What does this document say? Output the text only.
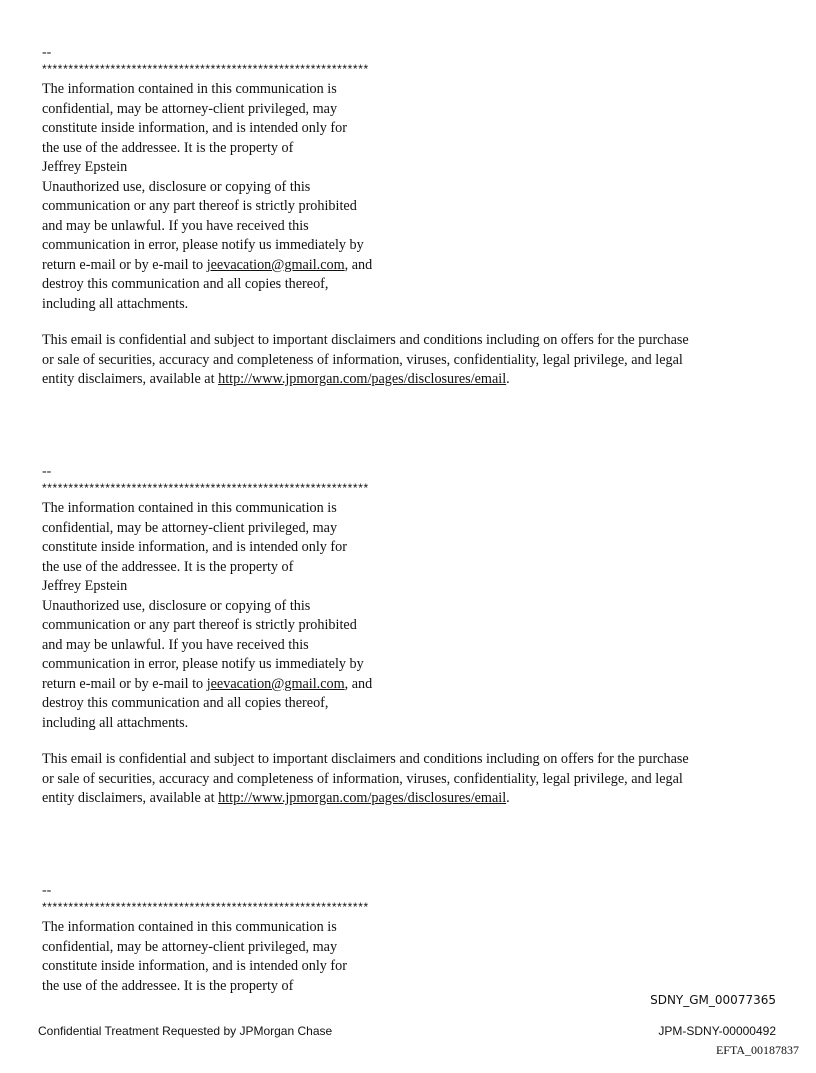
--

**************************************************************

The information contained in this communication is

confidential, may be attorney-client privileged, may

constitute inside information, and is intended only for

the use of the addressee. It is the property of

Jeffrey Epstein

Unauthorized use, disclosure or copying of this

communication or any part thereof is strictly prohibited

and may be unlawful. If you have received this

communication in error, please notify us immediately by

return e-mail or by e-mail to jeevacation@gmail.com, and

destroy this communication and all copies thereof,

including all attachments.

This email is confidential and subject to important disclaimers and conditions including on offers for the purchase

or sale of securities, accuracy and completeness of information, viruses, confidentiality, legal privilege, and legal

entity disclaimers, available at http://www.jpmorgan.com/pages/disclosures/email.

--

**************************************************************

The information contained in this communication is

confidential, may be attorney-client privileged, may

constitute inside information, and is intended only for

the use of the addressee. It is the property of

Jeffrey Epstein

Unauthorized use, disclosure or copying of this

communication or any part thereof is strictly prohibited

and may be unlawful. If you have received this

communication in error, please notify us immediately by

return e-mail or by e-mail to jeevacation@gmail.com, and

destroy this communication and all copies thereof,

including all attachments.

This email is confidential and subject to important disclaimers and conditions including on offers for the purchase

or sale of securities, accuracy and completeness of information, viruses, confidentiality, legal privilege, and legal

entity disclaimers, available at http://www.jpmorgan.com/pages/disclosures/email.

--

**************************************************************

The information contained in this communication is

confidential, may be attorney-client privileged, may

constitute inside information, and is intended only for

the use of the addressee. It is the property of

SDNY_GM_00077365

Confidential Treatment Requested by JPMorgan Chase	JPM-SDNY-00000492

EFTA_00187837
